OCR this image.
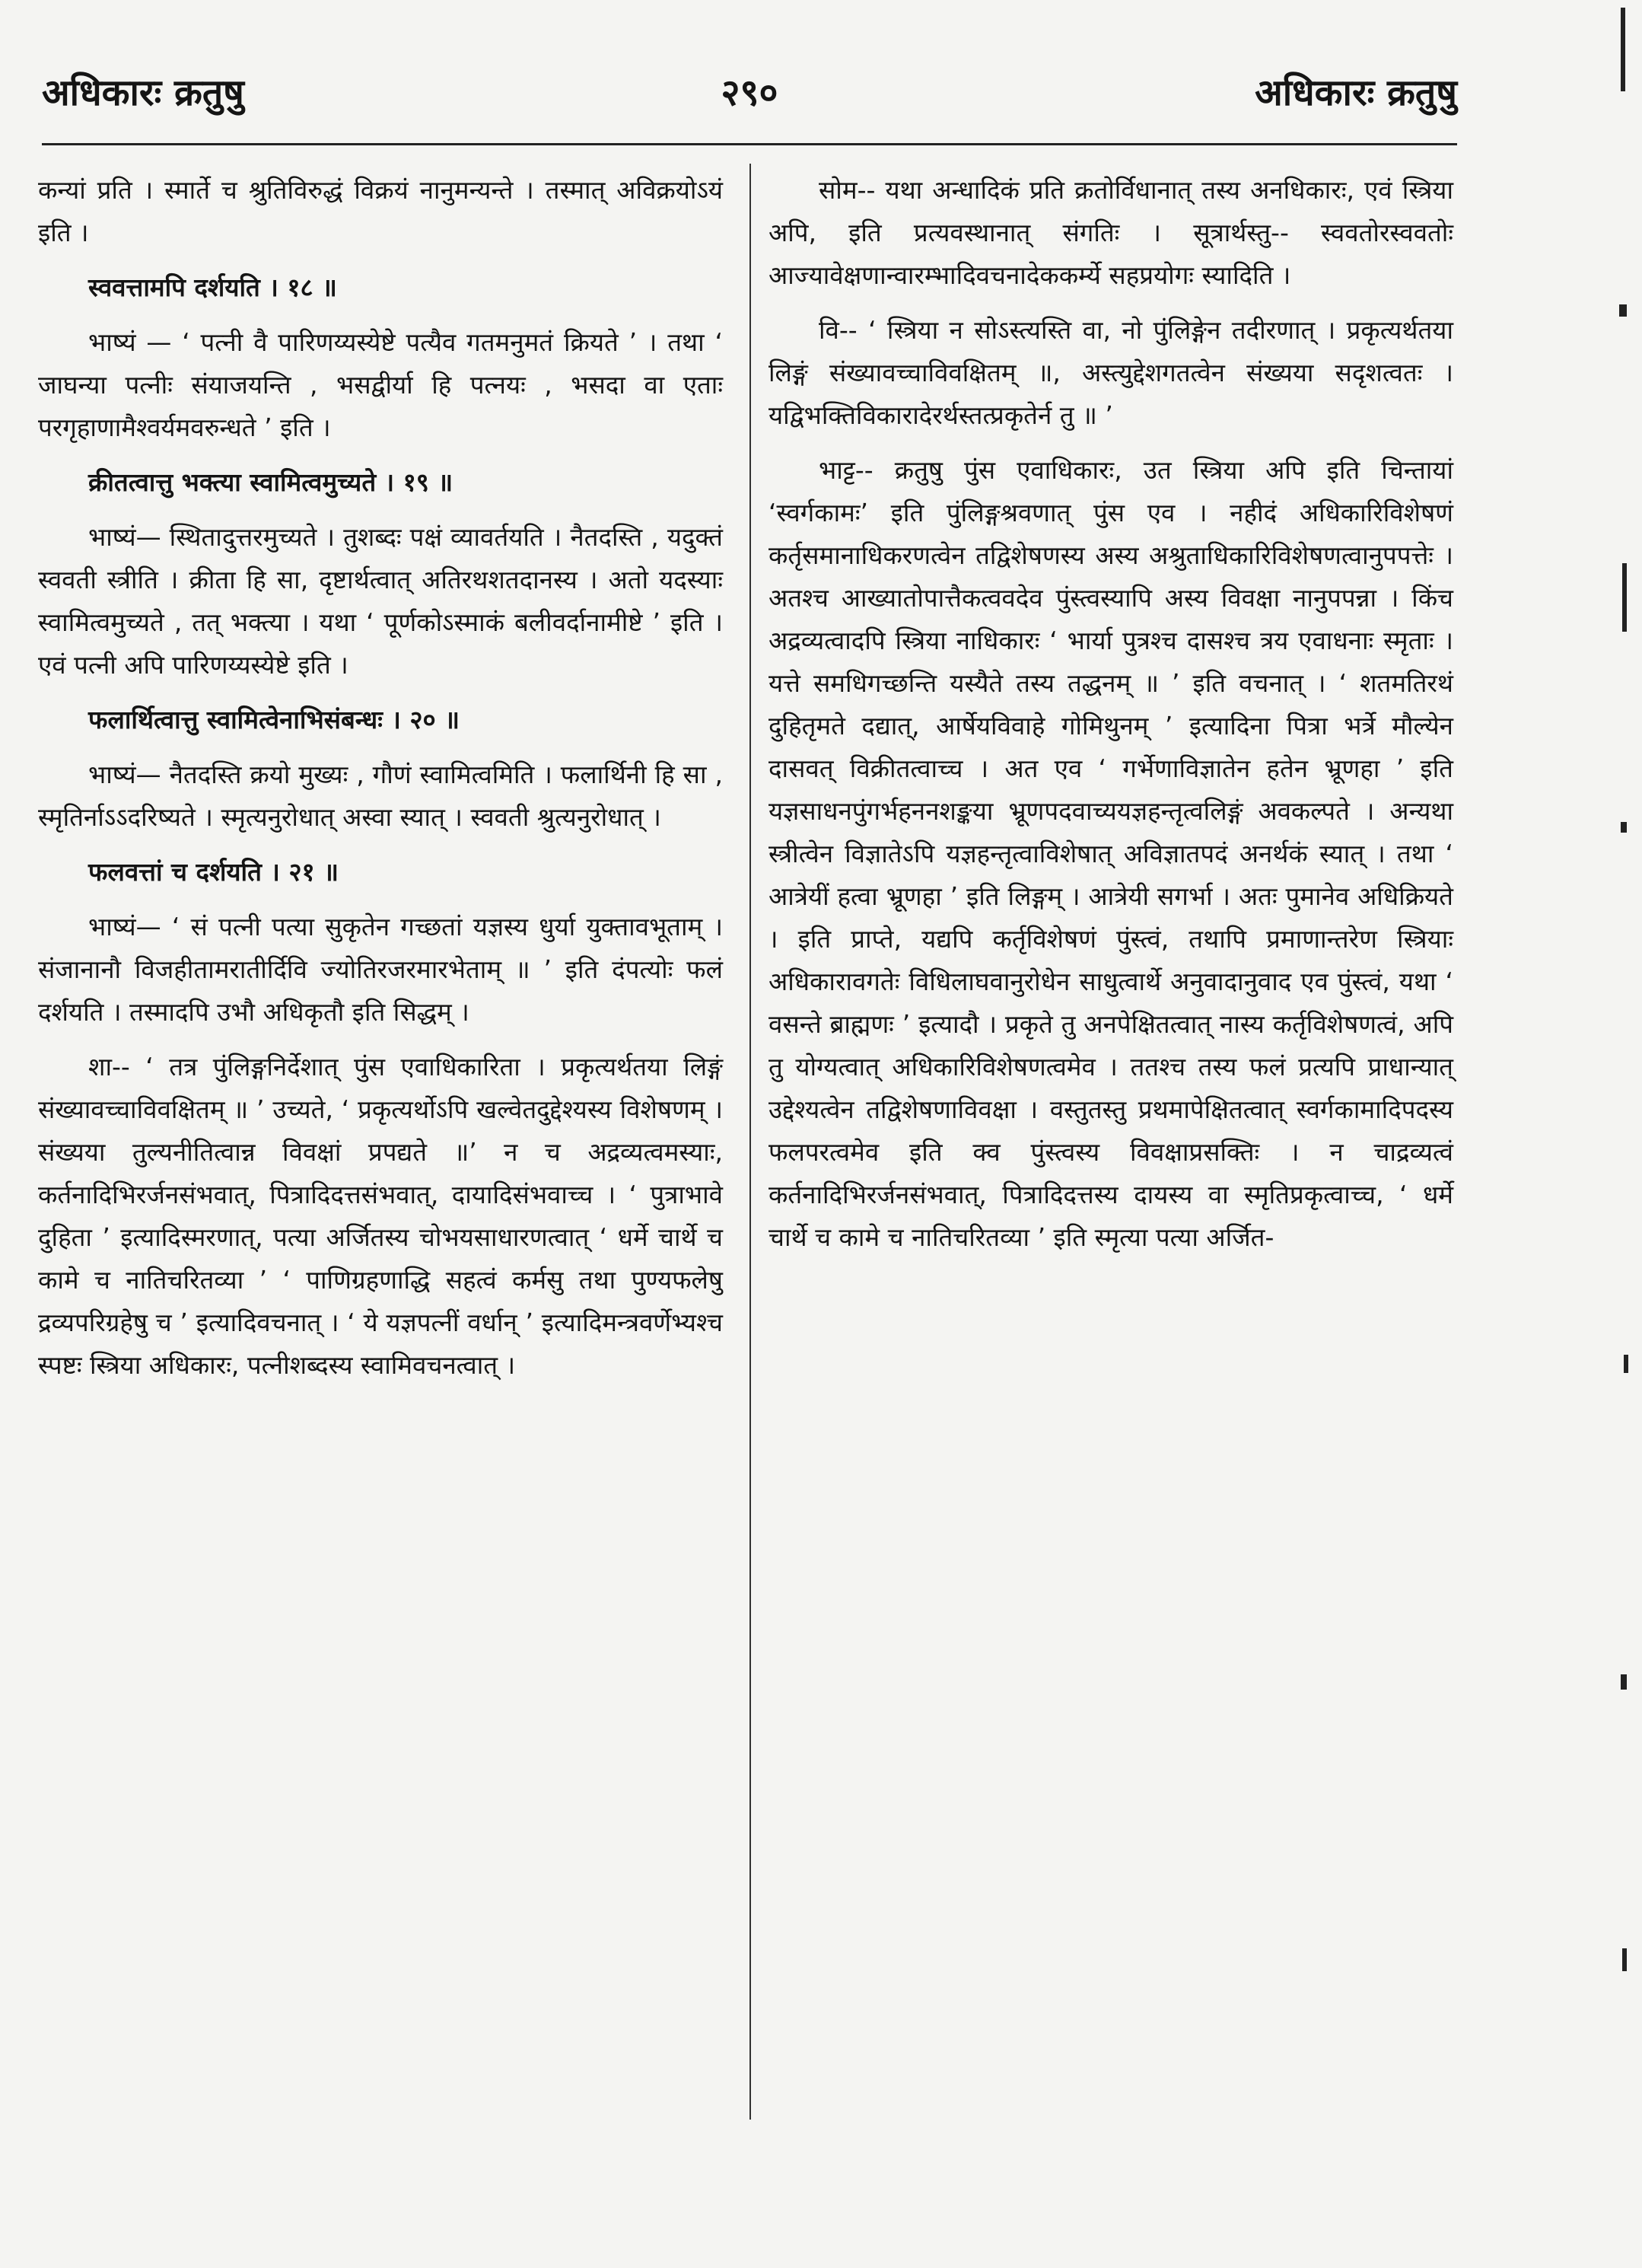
अधिकारः क्रतुषु	२९०	अधिकारः क्रतुषु

कन्यां प्रति । स्मार्ते च श्रुतिविरुद्धं विक्रयं नानुमन्यन्ते । तस्मात् अविक्रयोऽयं इति ।

स्ववत्तामपि दर्शयति । १८ ॥

भाष्यं — ‘ पत्नी वै पारिणय्यस्येष्टे पत्यैव गतमनुमतं क्रियते ’ । तथा ‘ जाघन्या पत्नीः संयाजयन्ति , भसद्वीर्या हि पत्नयः , भसदा वा एताः परगृहाणामैश्वर्यमवरुन्धते ’ इति ।

क्रीतत्वात्तु भक्त्या स्वामित्वमुच्यते । १९ ॥

भाष्यं— स्थितादुत्तरमुच्यते । तुशब्दः पक्षं व्यावर्तयति । नैतदस्ति , यदुक्तं स्ववती स्त्रीति । क्रीता हि सा, दृष्टार्थत्वात् अतिरथशतदानस्य । अतो यदस्याः स्वामित्वमुच्यते , तत् भक्त्या । यथा ‘ पूर्णकोऽस्माकं बलीवर्दानामीष्टे ’ इति । एवं पत्नी अपि पारिणय्यस्येष्टे इति ।

फलार्थित्वात्तु स्वामित्वेनाभिसंबन्धः । २० ॥

भाष्यं— नैतदस्ति क्रयो मुख्यः , गौणं स्वामित्वमिति । फलार्थिनी हि सा , स्मृतिर्नाऽऽदरिष्यते । स्मृत्यनुरोधात् अस्वा स्यात् । स्ववती श्रुत्यनुरोधात् ।

फलवत्तां च दर्शयति । २१ ॥

भाष्यं— ‘ सं पत्नी पत्या सुकृतेन गच्छतां यज्ञस्य धुर्या युक्तावभूताम् । संजानानौ विजहीतामरातीर्दिवि ज्योतिरजरमारभेताम् ॥ ’ इति दंपत्योः फलं दर्शयति । तस्मादपि उभौ अधिकृतौ इति सिद्धम् ।

शा-- ‘ तत्र पुंलिङ्गनिर्देशात् पुंस एवाधिकारिता । प्रकृत्यर्थतया लिङ्गं संख्यावच्चाविवक्षितम् ॥ ’ उच्यते, ‘ प्रकृत्यर्थोऽपि खल्वेतदुद्देश्यस्य विशेषणम् । संख्यया तुल्यनीतित्वान्न विवक्षां प्रपद्यते ॥’ न च अद्रव्यत्वमस्याः, कर्तनादिभिरर्जनसंभवात्, पित्रादिदत्तसंभवात्, दायादिसंभवाच्च । ‘ पुत्राभावे दुहिता ’ इत्यादिस्मरणात्, पत्या अर्जितस्य चोभयसाधारणत्वात् ‘ धर्मे चार्थे च कामे च नातिचरितव्या ’ ‘ पाणिग्रहणाद्धि सहत्वं कर्मसु तथा पुण्यफलेषु द्रव्यपरिग्रहेषु च ’ इत्यादिवचनात् । ‘ ये यज्ञपत्नीं वर्धान् ’ इत्यादिमन्त्रवर्णेभ्यश्च स्पष्टः स्त्रिया अधिकारः, पत्नीशब्दस्य स्वामिवचनत्वात् ।

सोम-- यथा अन्धादिकं प्रति क्रतोर्विधानात् तस्य अनधिकारः, एवं स्त्रिया अपि, इति प्रत्यवस्थानात् संगतिः । सूत्रार्थस्तु-- स्ववतोरस्ववतोः आज्यावेक्षणान्वारम्भादिवचनादेककर्म्ये सहप्रयोगः स्यादिति ।

वि-- ‘ स्त्रिया न सोऽस्त्यस्ति वा, नो पुंलिङ्गेन तदीरणात् । प्रकृत्यर्थतया लिङ्गं संख्यावच्चाविवक्षितम् ॥, अस्त्युद्देशगतत्वेन संख्यया सदृशत्वतः । यद्विभक्तिविकारादेरर्थस्तत्प्रकृतेर्न तु ॥ ’

भाट्ट-- क्रतुषु पुंस एवाधिकारः, उत स्त्रिया अपि इति चिन्तायां ‘स्वर्गकामः’ इति पुंलिङ्गश्रवणात् पुंस एव । नहीदं अधिकारिविशेषणं कर्तृसमानाधिकरणत्वेन तद्विशेषणस्य अस्य अश्रुताधिकारिविशेषणत्वानुपपत्तेः । अतश्च आख्यातोपात्तैकत्ववदेव पुंस्त्वस्यापि अस्य विवक्षा नानुपपन्ना । किंच अद्रव्यत्वादपि स्त्रिया नाधिकारः ‘ भार्या पुत्रश्च दासश्च त्रय एवाधनाः स्मृताः । यत्ते समधिगच्छन्ति यस्यैते तस्य तद्धनम् ॥ ’ इति वचनात् । ‘ शतमतिरथं दुहितृमते दद्यात्, आर्षेयविवाहे गोमिथुनम् ’ इत्यादिना पित्रा भर्त्रे मौल्येन दासवत् विक्रीतत्वाच्च । अत एव ‘ गर्भेणाविज्ञातेन हतेन भ्रूणहा ’ इति यज्ञसाधनपुंगर्भहननशङ्कया भ्रूणपदवाच्ययज्ञहन्तृत्वलिङ्गं अवकल्पते । अन्यथा स्त्रीत्वेन विज्ञातेऽपि यज्ञहन्तृत्वाविशेषात् अविज्ञातपदं अनर्थकं स्यात् । तथा ‘ आत्रेयीं हत्वा भ्रूणहा ’ इति लिङ्गम् । आत्रेयी सगर्भा । अतः पुमानेव अधिक्रियते । इति प्राप्ते, यद्यपि कर्तृविशेषणं पुंस्त्वं, तथापि प्रमाणान्तरेण स्त्रियाः अधिकारावगतेः विधिलाघवानुरोधेन साधुत्वार्थे अनुवादानुवाद एव पुंस्त्वं, यथा ‘ वसन्ते ब्राह्मणः ’ इत्यादौ । प्रकृते तु अनपेक्षितत्वात् नास्य कर्तृविशेषणत्वं, अपि तु योग्यत्वात् अधिकारिविशेषणत्वमेव । ततश्च तस्य फलं प्रत्यपि प्राधान्यात् उद्देश्यत्वेन तद्विशेषणाविवक्षा । वस्तुतस्तु प्रथमापेक्षितत्वात् स्वर्गकामादिपदस्य फलपरत्वमेव इति क्व पुंस्त्वस्य विवक्षाप्रसक्तिः । न चाद्रव्यत्वं कर्तनादिभिरर्जनसंभवात्, पित्रादिदत्तस्य दायस्य वा स्मृतिप्रकृत्वाच्च, ‘ धर्मे चार्थे च कामे च नातिचरितव्या ’ इति स्मृत्या पत्या अर्जित-
